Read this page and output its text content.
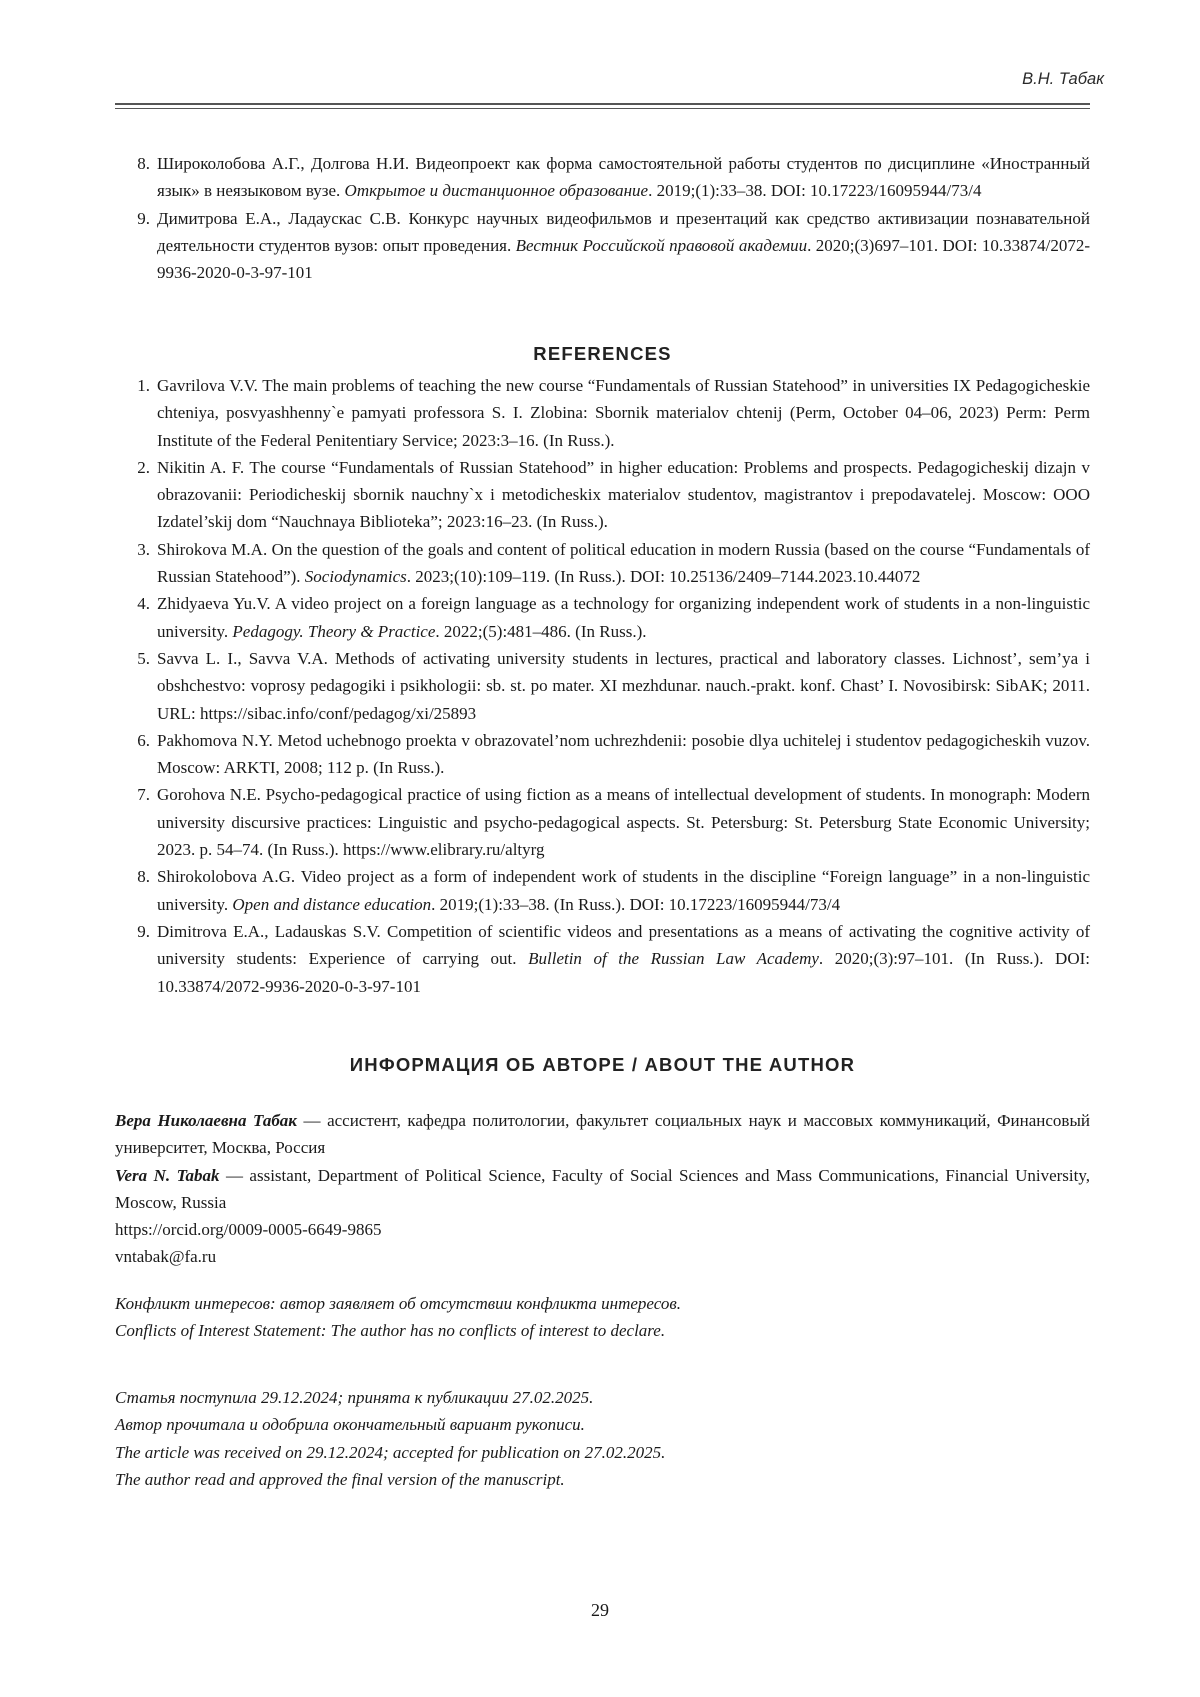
В.Н. Табак
8. Широколобова А.Г., Долгова Н.И. Видеопроект как форма самостоятельной работы студентов по дисциплине «Иностранный язык» в неязыковом вузе. Открытое и дистанционное образование. 2019;(1):33–38. DOI: 10.17223/16095944/73/4
9. Димитрова Е.А., Ладаускас С.В. Конкурс научных видеофильмов и презентаций как средство активизации познавательной деятельности студентов вузов: опыт проведения. Вестник Российской правовой академии. 2020;(3)697–101. DOI: 10.33874/2072-9936-2020-0-3-97-101
REFERENCES
1. Gavrilova V.V. The main problems of teaching the new course “Fundamentals of Russian Statehood” in universities IX Pedagogicheskie chteniya, posvyashhenny`e pamyati professora S. I. Zlobina: Sbornik materialov chtenij (Perm, October 04–06, 2023) Perm: Perm Institute of the Federal Penitentiary Service; 2023:3–16. (In Russ.).
2. Nikitin A. F. The course “Fundamentals of Russian Statehood” in higher education: Problems and prospects. Pedagogicheskij dizajn v obrazovanii: Periodicheskij sbornik nauchny`x i metodicheskix materialov studentov, magistrantov i prepodavatelej. Moscow: OOO Izdatel’skij dom “Nauchnaya Biblioteka”; 2023:16–23. (In Russ.).
3. Shirokova M.A. On the question of the goals and content of political education in modern Russia (based on the course “Fundamentals of Russian Statehood”). Sociodynamics. 2023;(10):109–119. (In Russ.). DOI: 10.25136/2409–7144.2023.10.44072
4. Zhidyaeva Yu.V. A video project on a foreign language as a technology for organizing independent work of students in a non-linguistic university. Pedagogy. Theory & Practice. 2022;(5):481–486. (In Russ.).
5. Savva L. I., Savva V.A. Methods of activating university students in lectures, practical and laboratory classes. Lichnost’, sem’ya i obshchestvo: voprosy pedagogiki i psikhologii: sb. st. po mater. XI mezhdunar. nauch.-prakt. konf. Chast’ I. Novosibirsk: SibAK; 2011. URL: https://sibac.info/conf/pedagog/xi/25893
6. Pakhomova N.Y. Metod uchebnogo proekta v obrazovatel’nom uchrezhdenii: posobie dlya uchitelej i studentov pedagogicheskih vuzov. Moscow: ARKTI, 2008; 112 p. (In Russ.).
7. Gorohova N.E. Psycho-pedagogical practice of using fiction as a means of intellectual development of students. In monograph: Modern university discursive practices: Linguistic and psycho-pedagogical aspects. St. Petersburg: St. Petersburg State Economic University; 2023. p. 54–74. (In Russ.). https://www.elibrary.ru/altyrg
8. Shirokolobova A.G. Video project as a form of independent work of students in the discipline “Foreign language” in a non-linguistic university. Open and distance education. 2019;(1):33–38. (In Russ.). DOI: 10.17223/16095944/73/4
9. Dimitrova E.A., Ladauskas S.V. Competition of scientific videos and presentations as a means of activating the cognitive activity of university students: Experience of carrying out. Bulletin of the Russian Law Academy. 2020;(3):97–101. (In Russ.). DOI: 10.33874/2072-9936-2020-0-3-97-101
ИНФОРМАЦИЯ ОБ АВТОРЕ / ABOUT THE AUTHOR

Вера Николаевна Табак — ассистент, кафедра политологии, факультет социальных наук и массовых коммуникаций, Финансовый университет, Москва, Россия

Vera N. Tabak — assistant, Department of Political Science, Faculty of Social Sciences and Mass Communications, Financial University, Moscow, Russia

https://orcid.org/0009-0005-6649-9865

vntabak@fa.ru

Конфликт интересов: автор заявляет об отсутствии конфликта интересов.

Conflicts of Interest Statement: The author has no conflicts of interest to declare.

Статья поступила 29.12.2024; принята к публикации 27.02.2025.

Автор прочитала и одобрила окончательный вариант рукописи.

The article was received on 29.12.2024; accepted for publication on 27.02.2025.

The author read and approved the final version of the manuscript.

29
